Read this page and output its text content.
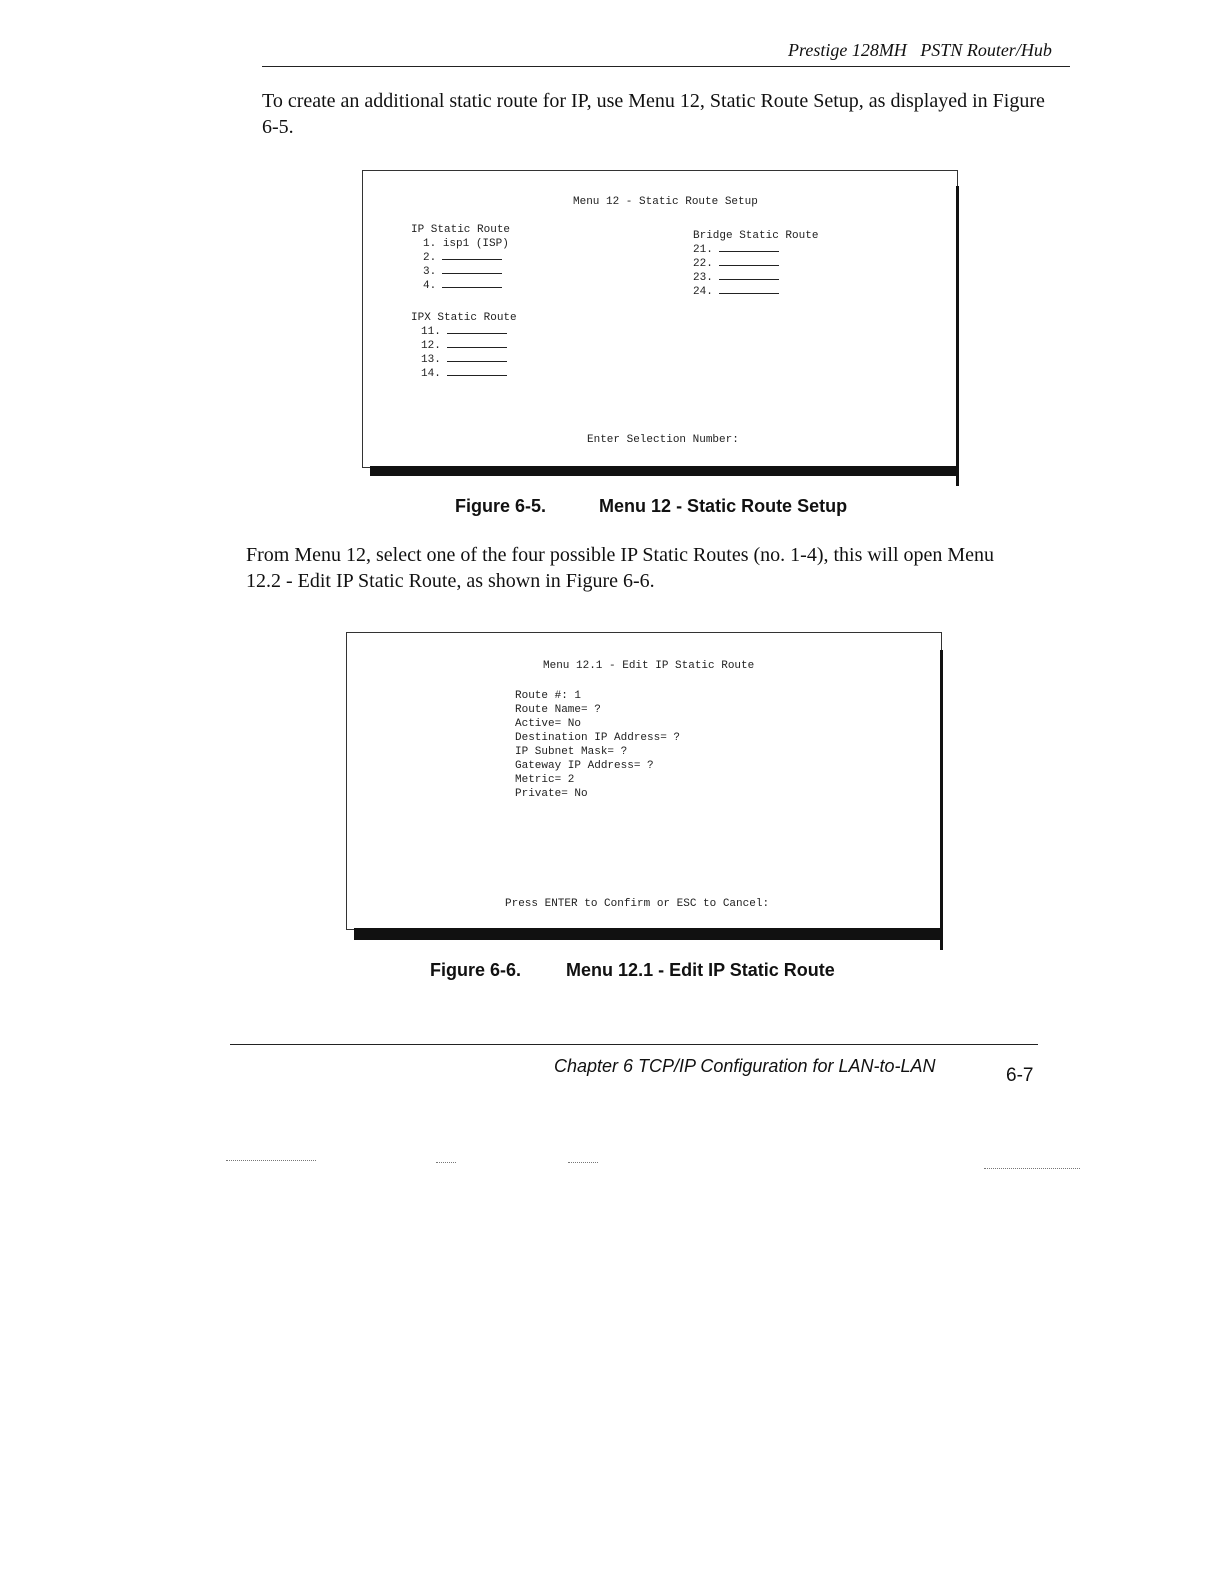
Prestige 128MH PSTN Router/Hub
To create an additional static route for IP, use Menu 12, Static Route Setup, as displayed in Figure
6-5.
Menu 12 - Static Route Setup
IP Static Route
1. isp1 (ISP)
2.
3.
4.
Bridge Static Route
21.
22.
23.
24.
IPX Static Route
11.
12.
13.
14.
Enter Selection Number:
Figure 6-5.	Menu 12 - Static Route Setup
From Menu 12, select one of the four possible IP Static Routes (no. 1-4), this will open Menu
12.2 - Edit IP Static Route, as shown in Figure 6-6.
Menu 12.1 - Edit IP Static Route
Route #: 1
Route Name= ?
Active= No
Destination IP Address= ?
IP Subnet Mask= ?
Gateway IP Address= ?
Metric= 2
Private= No
Press ENTER to Confirm or ESC to Cancel:
Figure 6-6.	Menu 12.1 - Edit IP Static Route
Chapter 6 TCP/IP Configuration for LAN-to-LAN	6-7
